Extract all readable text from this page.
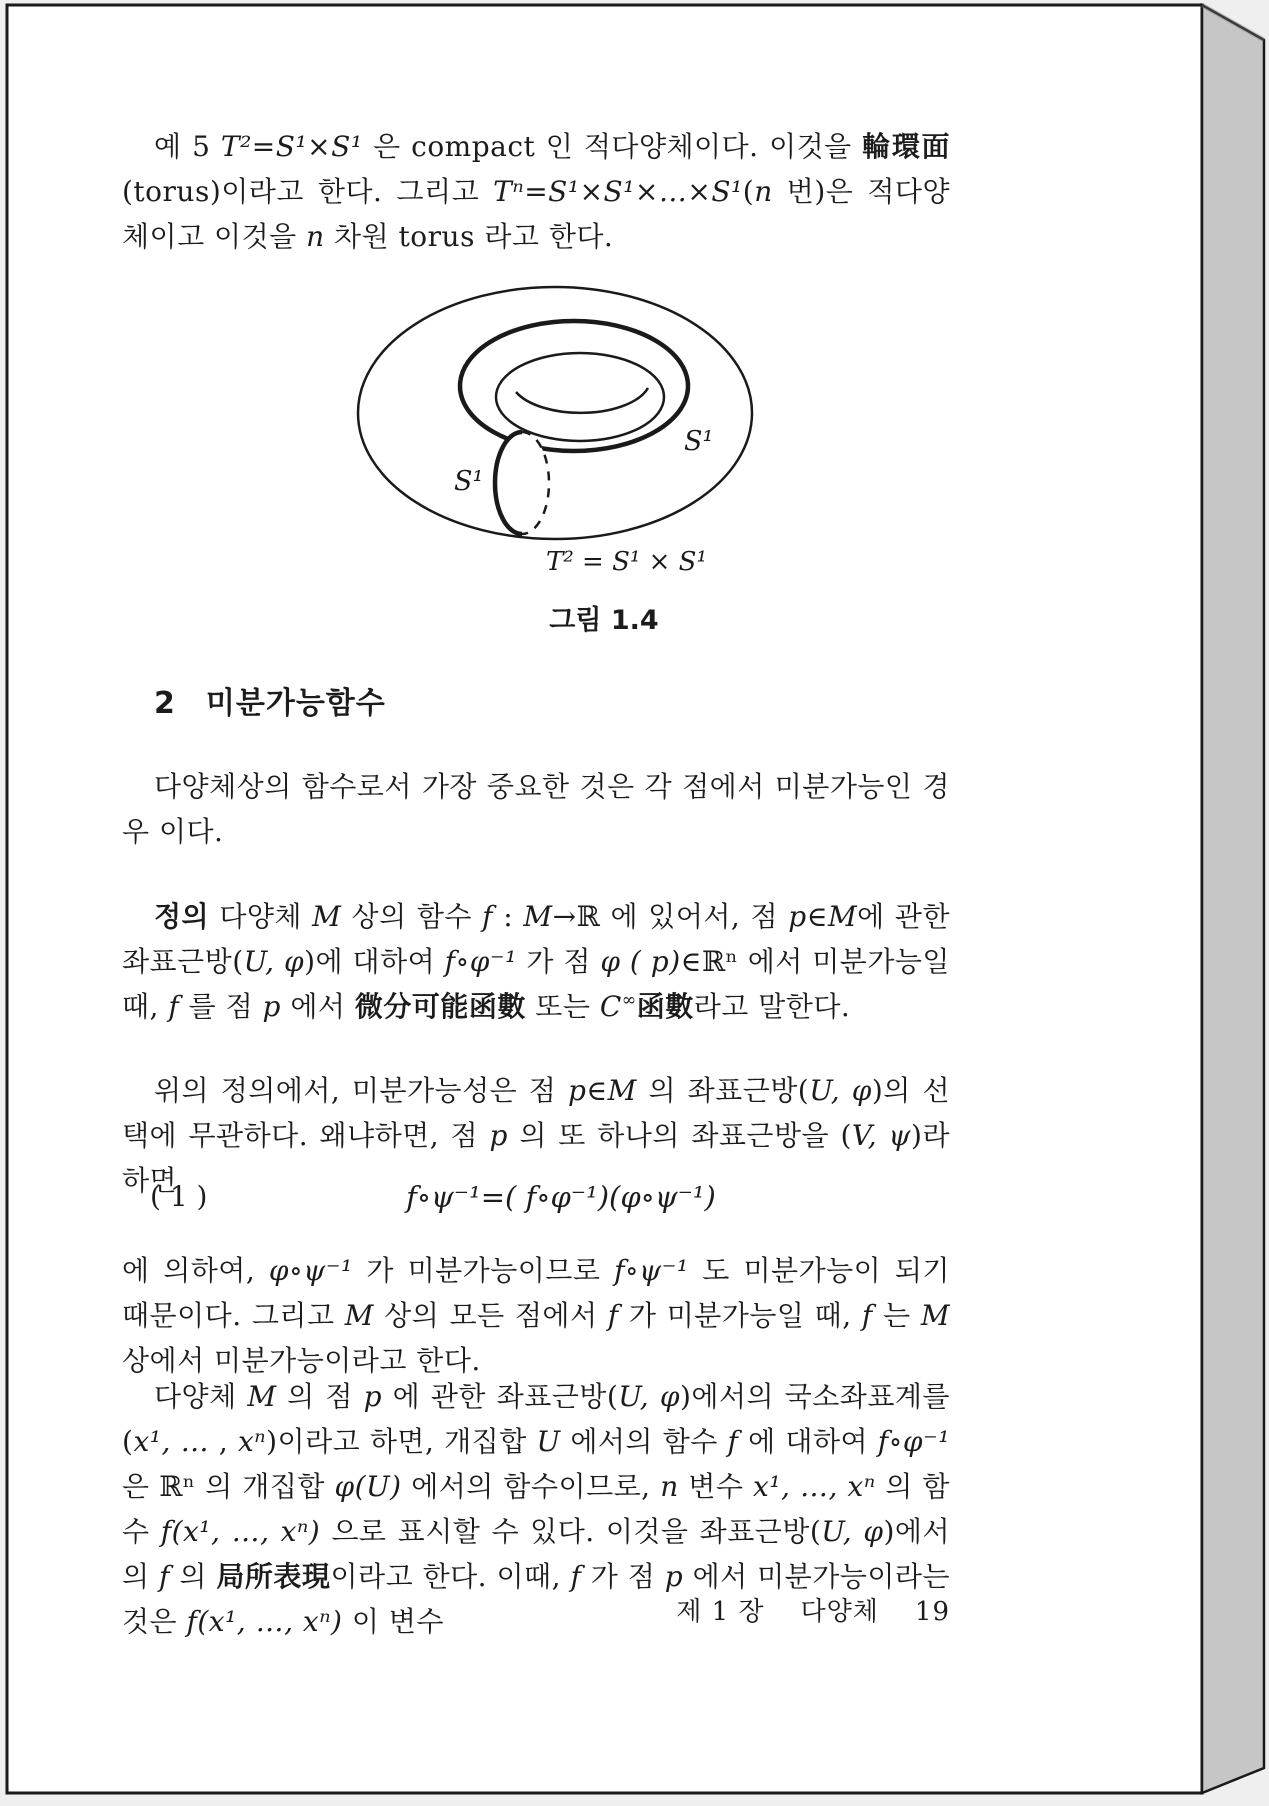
예 5 T²=S¹×S¹ 은 compact 인 적다양체이다. 이것을 輪環面(torus)이라고 한다. 그리고 Tⁿ=S¹×S¹×…×S¹(n 번)은 적다양체이고 이것을 n 차원 torus 라고 한다.

S¹
S¹
T² = S¹ × S¹

그림 1.4

2 미분가능함수

다양체상의 함수로서 가장 중요한 것은 각 점에서 미분가능인 경우 이다.

정의 다양체 M 상의 함수 f : M→ℝ 에 있어서, 점 p∈M에 관한 좌표근방(U, φ)에 대하여 f∘φ⁻¹ 가 점 φ ( p)∈ℝⁿ 에서 미분가능일 때, f 를 점 p 에서 微分可能函數 또는 C∞函數라고 말한다.

위의 정의에서, 미분가능성은 점 p∈M 의 좌표근방(U, φ)의 선택에 무관하다. 왜냐하면, 점 p 의 또 하나의 좌표근방을 (V, ψ)라 하면

( 1 )	f∘ψ⁻¹=( f∘φ⁻¹)(φ∘ψ⁻¹)

에 의하여, φ∘ψ⁻¹ 가 미분가능이므로 f∘ψ⁻¹ 도 미분가능이 되기 때문이다. 그리고 M 상의 모든 점에서 f 가 미분가능일 때, f 는 M 상에서 미분가능이라고 한다.

다양체 M 의 점 p 에 관한 좌표근방(U, φ)에서의 국소좌표계를(x¹, … , xⁿ)이라고 하면, 개집합 U 에서의 함수 f 에 대하여 f∘φ⁻¹ 은 ℝⁿ 의 개집합 φ(U) 에서의 함수이므로, n 변수 x¹, …, xⁿ 의 함수 f(x¹, …, xⁿ) 으로 표시할 수 있다. 이것을 좌표근방(U, φ)에서의 f 의 局所表現이라고 한다. 이때, f 가 점 p 에서 미분가능이라는 것은 f(x¹, …, xⁿ) 이 변수	제 1 장 다양체 19
